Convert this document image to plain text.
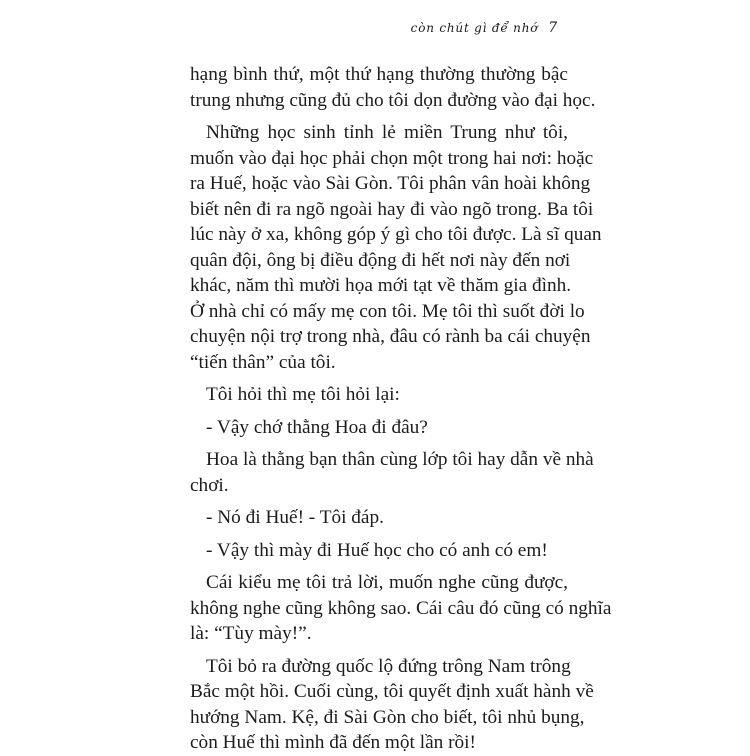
còn chút gì để nhớ 7
hạng bình thứ, một thứ hạng thường thường bậc
trung nhưng cũng đủ cho tôi dọn đường vào đại học.
Những học sinh tỉnh lẻ miền Trung như tôi,
muốn vào đại học phải chọn một trong hai nơi: hoặc
ra Huế, hoặc vào Sài Gòn. Tôi phân vân hoài không
biết nên đi ra ngõ ngoài hay đi vào ngõ trong. Ba tôi
lúc này ở xa, không góp ý gì cho tôi được. Là sĩ quan
quân đội, ông bị điều động đi hết nơi này đến nơi
khác, năm thì mười họa mới tạt về thăm gia đình.
Ở nhà chỉ có mấy mẹ con tôi. Mẹ tôi thì suốt đời lo
chuyện nội trợ trong nhà, đâu có rành ba cái chuyện
“tiến thân” của tôi.
Tôi hỏi thì mẹ tôi hỏi lại:
- Vậy chớ thằng Hoa đi đâu?
Hoa là thằng bạn thân cùng lớp tôi hay dẫn về nhà
chơi.
- Nó đi Huế! - Tôi đáp.
- Vậy thì mày đi Huế học cho có anh có em!
Cái kiểu mẹ tôi trả lời, muốn nghe cũng được,
không nghe cũng không sao. Cái câu đó cũng có nghĩa
là: “Tùy mày!”.
Tôi bỏ ra đường quốc lộ đứng trông Nam trông
Bắc một hồi. Cuối cùng, tôi quyết định xuất hành về
hướng Nam. Kệ, đi Sài Gòn cho biết, tôi nhủ bụng,
còn Huế thì mình đã đến một lần rồi!
